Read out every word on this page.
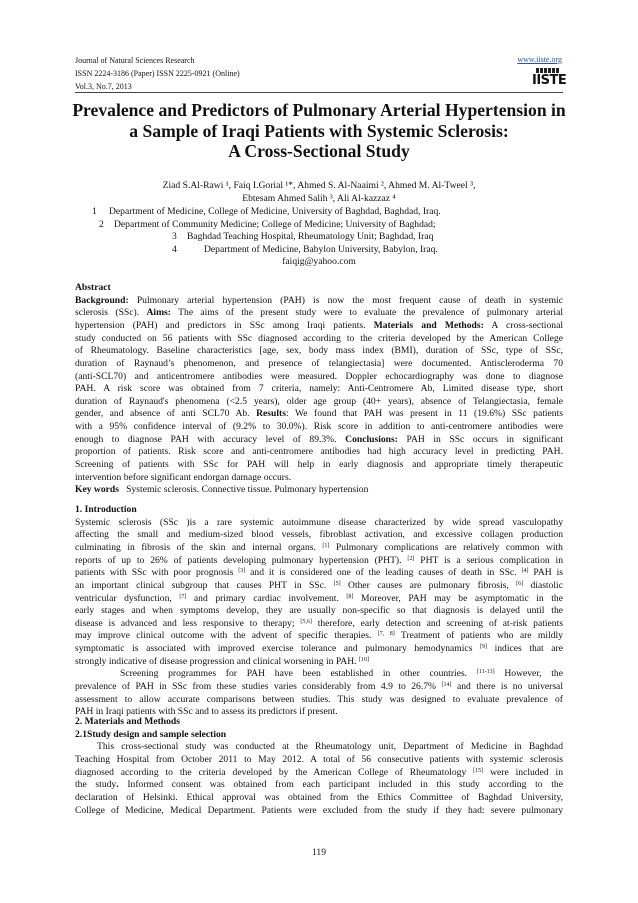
Journal of Natural Sciences Research
ISSN 2224-3186 (Paper) ISSN 2225-0921 (Online)
Vol.3, No.7, 2013
www.iiste.org
IISTE
Prevalence and Predictors of Pulmonary Arterial Hypertension in
a Sample of Iraqi Patients with Systemic Sclerosis:
A Cross-Sectional Study
Ziad S.Al-Rawi ¹, Faiq I.Gorial ¹*, Ahmed S. Al-Naaimi ², Ahmed M. Al-Tweel ³,
Ebtesam Ahmed Salih ³, Ali Al-kazzaz ⁴
1 Department of Medicine, College of Medicine, University of Baghdad, Baghdad, Iraq.
2 Department of Community Medicine; College of Medicine; University of Baghdad;
3 Baghdad Teaching Hospital, Rheumatology Unit; Baghdad, Iraq
4	Department of Medicine, Babylon University, Babylon, Iraq.
faiqig@yahoo.com
Abstract
Background: Pulmonary arterial hypertension (PAH) is now the most frequent cause of death in systemic
sclerosis (SSc). Aims: The aims of the present study were to evaluate the prevalence of pulmonary arterial
hypertension (PAH) and predictors in SSc among Iraqi patients. Materials and Methods: A cross-sectional
study conducted on 56 patients with SSc diagnosed according to the criteria developed by the American College
of Rheumatology. Baseline characteristics [age, sex, body mass index (BMI), duration of SSc, type of SSc,
duration of Raynaud’s phenomenon, and presence of telangiectasia] were documented. Antiscleroderma 70
(anti-SCL70) and anticentromere antibodies were measured. Doppler echocardiography was done to diagnose
PAH. A risk score was obtained from 7 criteria, namely: Anti-Centromere Ab, Limited disease type, short
duration of Raynaud's phenomena (<2.5 years), older age group (40+ years), absence of Telangiectasia, female
gender, and absence of anti SCL70 Ab. Results: We found that PAH was present in 11 (19.6%) SSc patients
with a 95% confidence interval of (9.2% to 30.0%). Risk score in addition to anti-centromere antibodies were
enough to diagnose PAH with accuracy level of 89.3%. Conclusions: PAH in SSc occurs in significant
proportion of patients. Risk score and anti-centromere antibodies had high accuracy level in predicting PAH.
Screening of patients with SSc for PAH will help in early diagnosis and appropriate timely therapeutic
intervention before significant endorgan damage occurs.
Key words Systemic sclerosis. Connective tissue. Pulmonary hypertension
1. Introduction
Systemic sclerosis (SSc )is a rare systemic autoimmune disease characterized by wide spread vasculopathy
affecting the small and medium-sized blood vessels, fibroblast activation, and excessive collagen production
culminating in fibrosis of the skin and internal organs. [1] Pulmonary complications are relatively common with
reports of up to 26% of patients developing pulmonary hypertension (PHT). [2] PHT is a serious complication in
patients with SSc with poor prognosis [3] and it is considered one of the leading causes of death in SSc. [4] PAH is
an important clinical subgroup that causes PHT in SSc. [5] Other causes are pulmonary fibrosis, [6] diastolic
ventricular dysfunction, [7] and primary cardiac involvement. [8] Moreover, PAH may be asymptomatic in the
early stages and when symptoms develop, they are usually non-specific so that diagnosis is delayed until the
disease is advanced and less responsive to therapy; [5,6] therefore, early detection and screening of at-risk patients
may improve clinical outcome with the advent of specific therapies. [7, 8] Treatment of patients who are mildly
symptomatic is associated with improved exercise tolerance and pulmonary hemodynamics [9] indices that are
strongly indicative of disease progression and clinical worsening in PAH. [10]
Screening programmes for PAH have been established in other countries. [11-13] However, the
prevalence of PAH in SSc from these studies varies considerably from 4.9 to 26.7% [14] and there is no universal
assessment to allow accurate comparisons between studies. This study was designed to evaluate prevalence of
PAH in Iraqi patients with SSc and to assess its predictors if present.
2. Materials and Methods
2.1Study design and sample selection
This cross-sectional study was conducted at the Rheumatology unit, Department of Medicine in Baghdad
Teaching Hospital from October 2011 to May 2012. A total of 56 consecutive patients with systemic sclerosis
diagnosed according to the criteria developed by the American College of Rheumatology [15] were included in
the study. Informed consent was obtained from each participant included in this study according to the
declaration of Helsinki. Ethical approval was obtained from the Ethics Committee of Baghdad University,
College of Medicine, Medical Department. Patients were excluded from the study if they had: severe pulmonary
119
